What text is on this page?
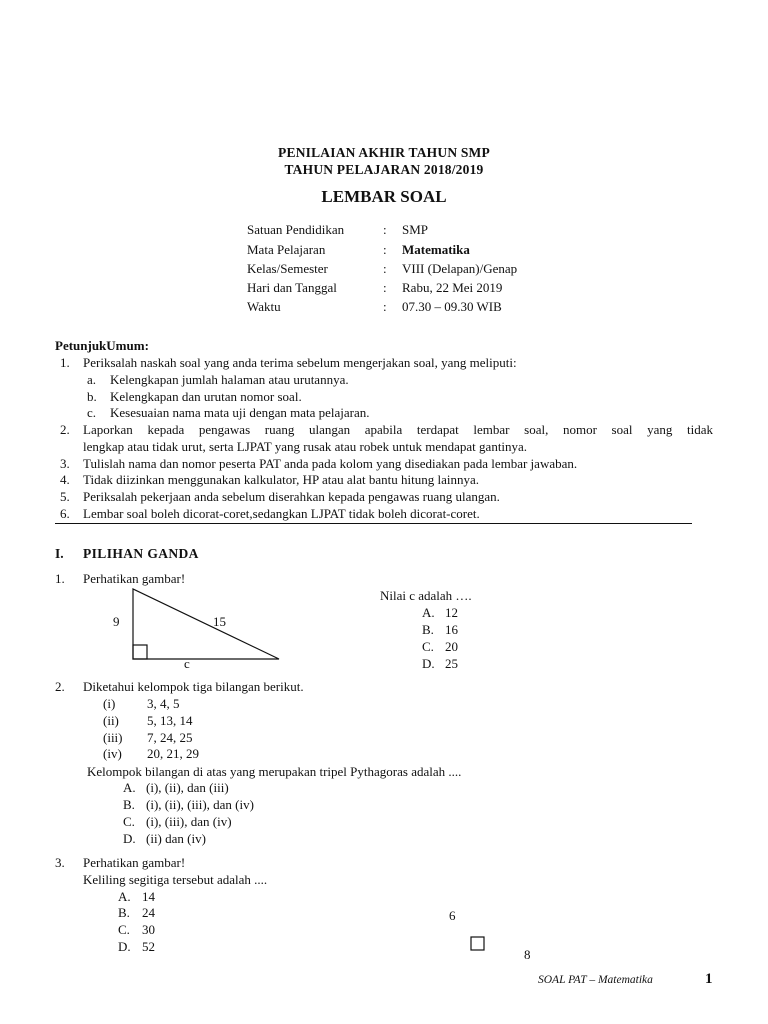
PENILAIAN AKHIR TAHUN SMP
TAHUN PELAJARAN 2018/2019
LEMBAR SOAL
Satuan Pendidikan	: SMP
Mata Pelajaran	: Matematika
Kelas/Semester	: VIII (Delapan)/Genap
Hari dan Tanggal	: Rabu, 22 Mei 2019
Waktu	: 07.30 – 09.30 WIB
PetunjukUmum:
1. Periksalah naskah soal yang anda terima sebelum mengerjakan soal, yang meliputi:
a. Kelengkapan jumlah halaman atau urutannya.
b. Kelengkapan dan urutan nomor soal.
c. Kesesuaian nama mata uji dengan mata pelajaran.
2. Laporkan kepada pengawas ruang ulangan apabila terdapat lembar soal, nomor soal yang tidak
lengkap atau tidak urut, serta LJPAT yang rusak atau robek untuk mendapat gantinya.
3. Tulislah nama dan nomor peserta PAT anda pada kolom yang disediakan pada lembar jawaban.
4. Tidak diizinkan menggunakan kalkulator, HP atau alat bantu hitung lainnya.
5. Periksalah pekerjaan anda sebelum diserahkan kepada pengawas ruang ulangan.
6. Lembar soal boleh dicorat-coret,sedangkan LJPAT tidak boleh dicorat-coret.
I. PILIHAN GANDA
1. Perhatikan gambar!
9	15
c
Nilai c adalah ….
A. 12
B. 16
C. 20
D. 25
2. Diketahui kelompok tiga bilangan berikut.
(i) 3, 4, 5
(ii) 5, 13, 14
(iii) 7, 24, 25
(iv) 20, 21, 29
Kelompok bilangan di atas yang merupakan tripel Pythagoras adalah ....
A. (i), (ii), dan (iii)
B. (i), (ii), (iii), dan (iv)
C. (i), (iii), dan (iv)
D. (ii) dan (iv)
3. Perhatikan gambar!
Keliling segitiga tersebut adalah ....
A. 14
B. 24
C. 30
D. 52
6
8
SOAL PAT – Matematika	1
